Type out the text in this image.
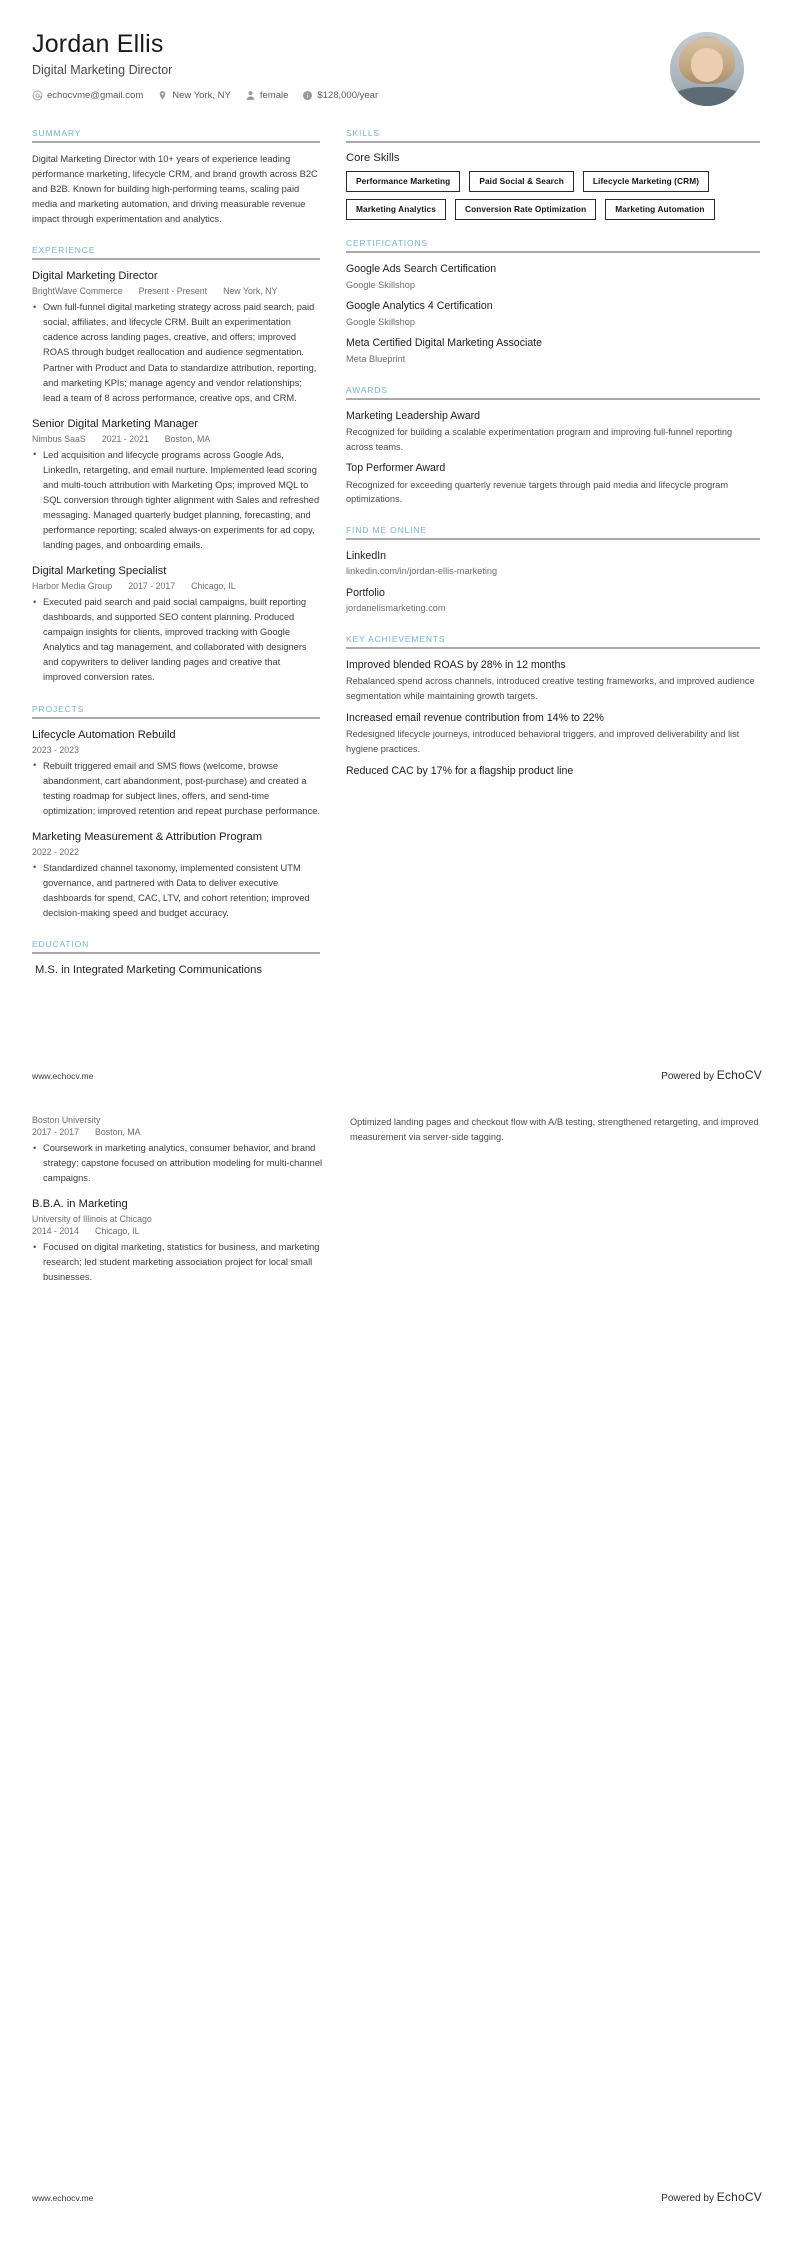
Jordan Ellis
Digital Marketing Director
echocvme@gmail.com	New York, NY	female i $128,000/year
SUMMARY
Digital Marketing Director with 10+ years of experience leading performance marketing, lifecycle CRM, and brand growth across B2C and B2B. Known for building high-performing teams, scaling paid media and marketing automation, and driving measurable revenue impact through experimentation and analytics.
EXPERIENCE
Digital Marketing Director
BrightWave Commerce Present - Present New York, NY
• Own full-funnel digital marketing strategy across paid search, paid social, affiliates, and lifecycle CRM. Built an experimentation cadence across landing pages, creative, and offers; improved ROAS through budget reallocation and audience segmentation. Partner with Product and Data to standardize attribution, reporting, and marketing KPIs; manage agency and vendor relationships; lead a team of 8 across performance, creative ops, and CRM.
Senior Digital Marketing Manager
Nimbus SaaS 2021 - 2021 Boston, MA
• Led acquisition and lifecycle programs across Google Ads, LinkedIn, retargeting, and email nurture. Implemented lead scoring and multi-touch attribution with Marketing Ops; improved MQL to SQL conversion through tighter alignment with Sales and refreshed messaging. Managed quarterly budget planning, forecasting, and performance reporting; scaled always-on experiments for ad copy, landing pages, and onboarding emails.
Digital Marketing Specialist
Harbor Media Group 2017 - 2017 Chicago, IL
• Executed paid search and paid social campaigns, built reporting dashboards, and supported SEO content planning. Produced campaign insights for clients, improved tracking with Google Analytics and tag management, and collaborated with designers and copywriters to deliver landing pages and creative that improved conversion rates.
PROJECTS
Lifecycle Automation Rebuild
2023 - 2023
• Rebuilt triggered email and SMS flows (welcome, browse abandonment, cart abandonment, post-purchase) and created a testing roadmap for subject lines, offers, and send-time optimization; improved retention and repeat purchase performance.
Marketing Measurement & Attribution Program
2022 - 2022
• Standardized channel taxonomy, implemented consistent UTM governance, and partnered with Data to deliver executive dashboards for spend, CAC, LTV, and cohort retention; improved decision-making speed and budget accuracy.
EDUCATION
M.S. in Integrated Marketing Communications
SKILLS
Core Skills
Performance Marketing	Paid Social & Search	Lifecycle Marketing (CRM)
Marketing Analytics	Conversion Rate Optimization	Marketing Automation
CERTIFICATIONS
Google Ads Search Certification
Google Skillshop
Google Analytics 4 Certification
Google Skillshop
Meta Certified Digital Marketing Associate
Meta Blueprint
AWARDS
Marketing Leadership Award
Recognized for building a scalable experimentation program and improving full-funnel reporting across teams.
Top Performer Award
Recognized for exceeding quarterly revenue targets through paid media and lifecycle program optimizations.
FIND ME ONLINE
LinkedIn
linkedin.com/in/jordan-ellis-marketing
Portfolio
jordanelismarketing.com
KEY ACHIEVEMENTS
Improved blended ROAS by 28% in 12 months
Rebalanced spend across channels, introduced creative testing frameworks, and improved audience segmentation while maintaining growth targets.
Increased email revenue contribution from 14% to 22%
Redesigned lifecycle journeys, introduced behavioral triggers, and improved deliverability and list hygiene practices.
Reduced CAC by 17% for a flagship product line
www.echocv.me	Powered by EchoCV
Boston University
2017 - 2017 Boston, MA
• Coursework in marketing analytics, consumer behavior, and brand strategy; capstone focused on attribution modeling for multi-channel campaigns.
B.B.A. in Marketing
University of Illinois at Chicago
2014 - 2014 Chicago, IL
• Focused on digital marketing, statistics for business, and marketing research; led student marketing association project for local small businesses.
Optimized landing pages and checkout flow with A/B testing, strengthened retargeting, and improved measurement via server-side tagging.
www.echocv.me	Powered by EchoCV
